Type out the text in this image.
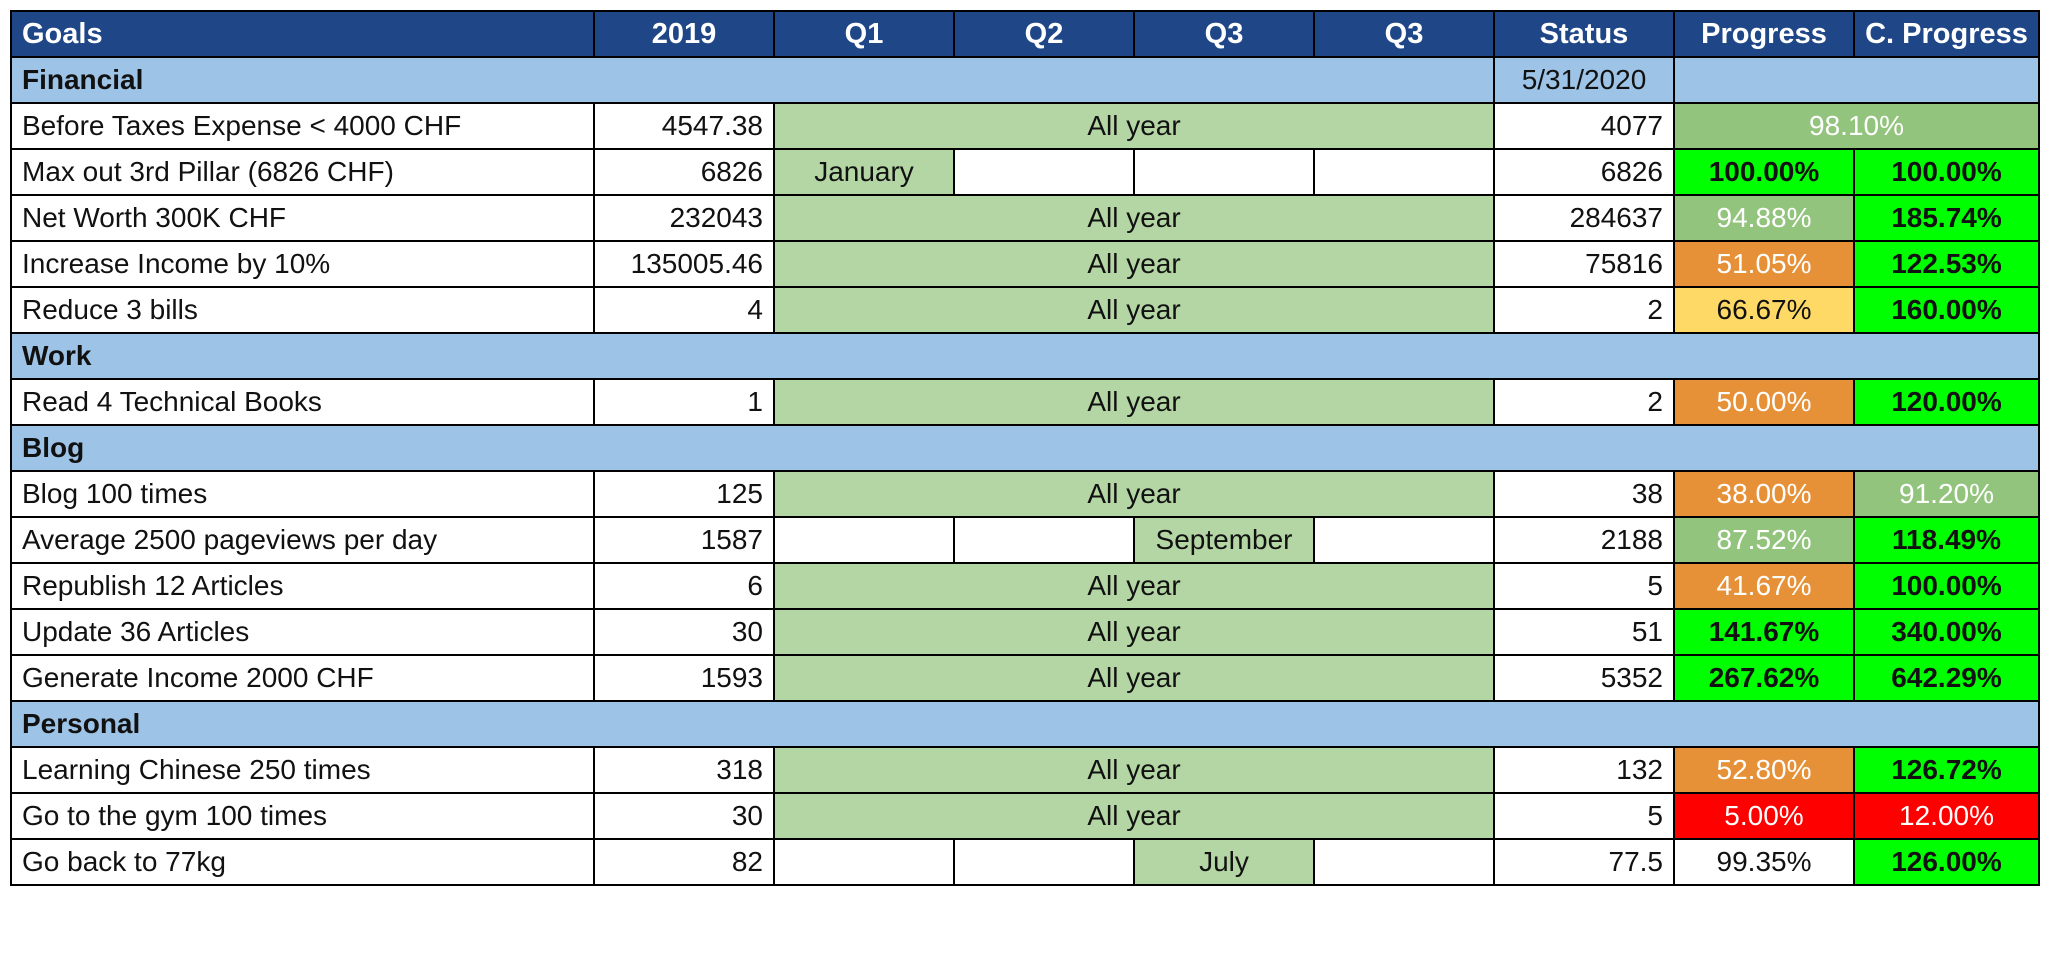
Goals	2019	Q1	Q2	Q3	Q3	Status	Progress	C. Progress
Financial						5/31/2020		
Before Taxes Expense < 4000 CHF	4547.38	All year				4077	98.10%	
Max out 3rd Pillar (6826 CHF)	6826	January				6826	100.00%	100.00%
Net Worth 300K CHF	232043	All year				284637	94.88%	185.74%
Increase Income by 10%	135005.46	All year				75816	51.05%	122.53%
Reduce 3 bills	4	All year				2	66.67%	160.00%
Work								
Read 4 Technical Books	1	All year				2	50.00%	120.00%
Blog								
Blog 100 times	125	All year				38	38.00%	91.20%
Average 2500 pageviews per day	1587			September		2188	87.52%	118.49%
Republish 12 Articles	6	All year				5	41.67%	100.00%
Update 36 Articles	30	All year				51	141.67%	340.00%
Generate Income 2000 CHF	1593	All year				5352	267.62%	642.29%
Personal								
Learning Chinese 250 times	318	All year				132	52.80%	126.72%
Go to the gym 100 times	30	All year				5	5.00%	12.00%
Go back to 77kg	82			July		77.5	99.35%	126.00%
